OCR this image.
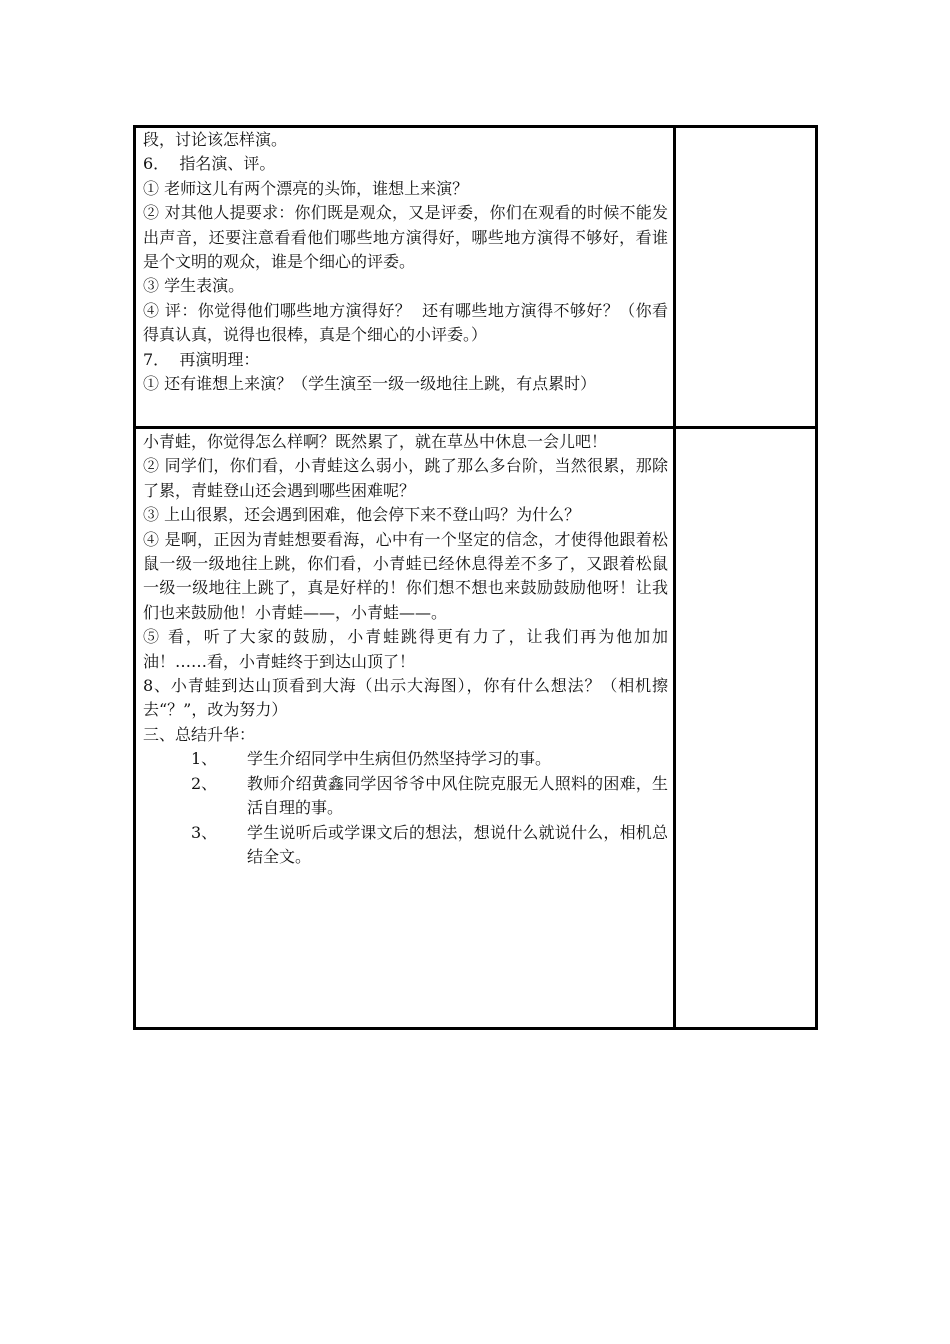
段，讨论该怎样演。

6．  指名演、评。

① 老师这儿有两个漂亮的头饰，谁想上来演？

② 对其他人提要求：你们既是观众，又是评委，你们在观看的时候不能发出声音，还要注意看看他们哪些地方演得好，哪些地方演得不够好，看谁是个文明的观众，谁是个细心的评委。

③ 学生表演。

④ 评：你觉得他们哪些地方演得好？  还有哪些地方演得不够好？（你看得真认真，说得也很棒，真是个细心的小评委。）

7．  再演明理：

① 还有谁想上来演？（学生演至一级一级地往上跳，有点累时）

小青蛙，你觉得怎么样啊？既然累了，就在草丛中休息一会儿吧！

② 同学们，你们看，小青蛙这么弱小，跳了那么多台阶，当然很累，那除了累，青蛙登山还会遇到哪些困难呢？

③ 上山很累，还会遇到困难，他会停下来不登山吗？为什么？

④ 是啊，正因为青蛙想要看海，心中有一个坚定的信念，才使得他跟着松鼠一级一级地往上跳，你们看，小青蛙已经休息得差不多了，又跟着松鼠一级一级地往上跳了，真是好样的！你们想不想也来鼓励鼓励他呀！让我们也来鼓励他！小青蛙——，小青蛙——。

⑤ 看，听了大家的鼓励，小青蛙跳得更有力了，让我们再为他加加油！……看，小青蛙终于到达山顶了！

8、小青蛙到达山顶看到大海（出示大海图），你有什么想法？（相机擦去“？”，改为努力）

三、总结升华：

1、 学生介绍同学中生病但仍然坚持学习的事。
2、 教师介绍黄鑫同学因爷爷中风住院克服无人照料的困难，生活自理的事。
3、 学生说听后或学课文后的想法，想说什么就说什么，相机总结全文。
